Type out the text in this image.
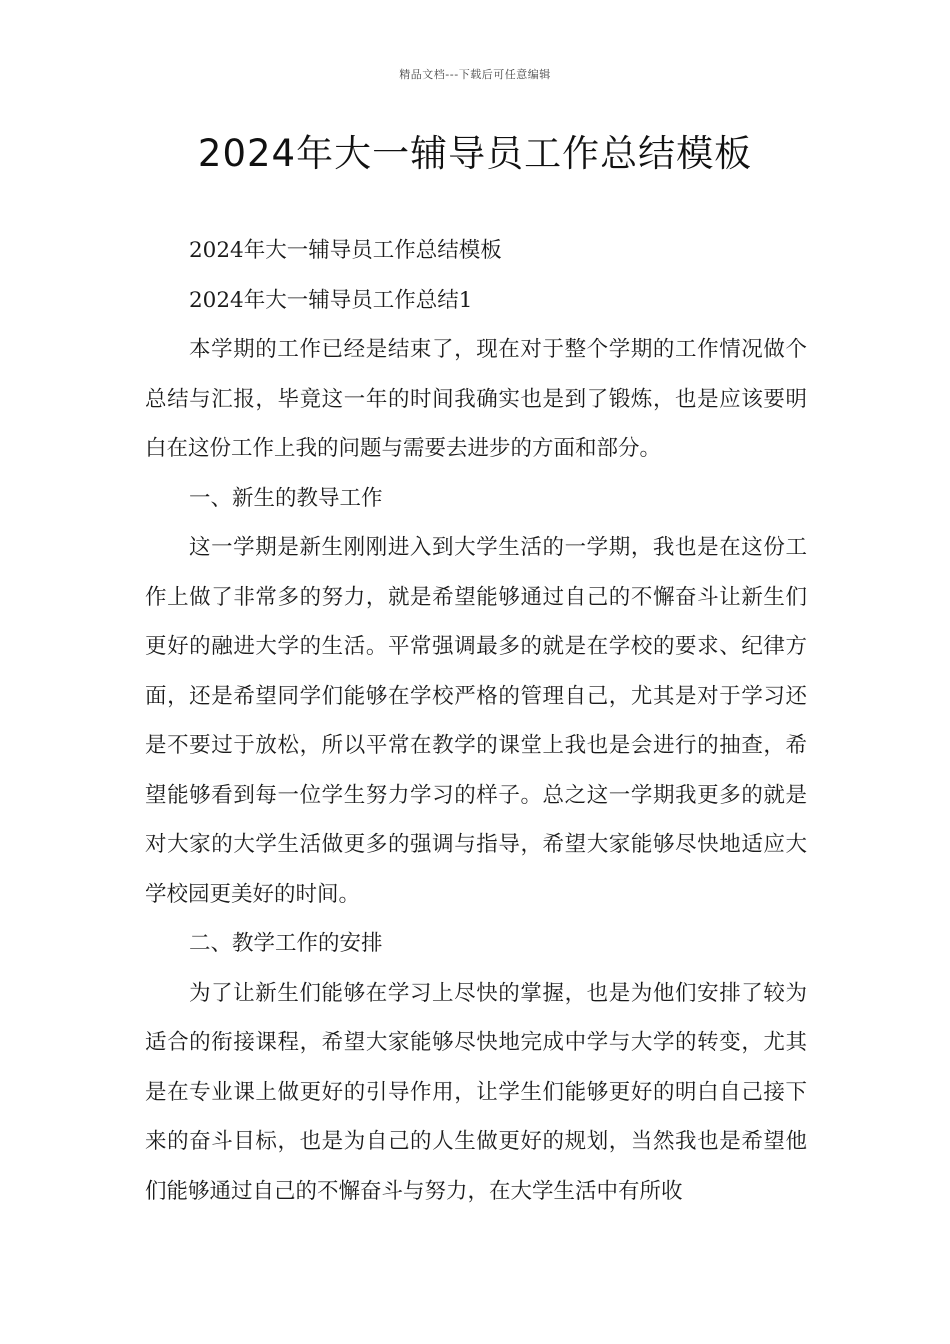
精品文档---下载后可任意编辑
2024年大一辅导员工作总结模板

2024年大一辅导员工作总结模板

2024年大一辅导员工作总结1

本学期的工作已经是结束了，现在对于整个学期的工作情况做个总结与汇报，毕竟这一年的时间我确实也是到了锻炼，也是应该要明白在这份工作上我的问题与需要去进步的方面和部分。

一、新生的教导工作

这一学期是新生刚刚进入到大学生活的一学期，我也是在这份工作上做了非常多的努力，就是希望能够通过自己的不懈奋斗让新生们更好的融进大学的生活。平常强调最多的就是在学校的要求、纪律方面，还是希望同学们能够在学校严格的管理自己，尤其是对于学习还是不要过于放松，所以平常在教学的课堂上我也是会进行的抽查，希望能够看到每一位学生努力学习的样子。总之这一学期我更多的就是对大家的大学生活做更多的强调与指导，希望大家能够尽快地适应大学校园更美好的时间。

二、教学工作的安排

为了让新生们能够在学习上尽快的掌握，也是为他们安排了较为适合的衔接课程，希望大家能够尽快地完成中学与大学的转变，尤其是在专业课上做更好的引导作用，让学生们能够更好的明白自己接下来的奋斗目标，也是为自己的人生做更好的规划，当然我也是希望他们能够通过自己的不懈奋斗与努力，在大学生活中有所收
